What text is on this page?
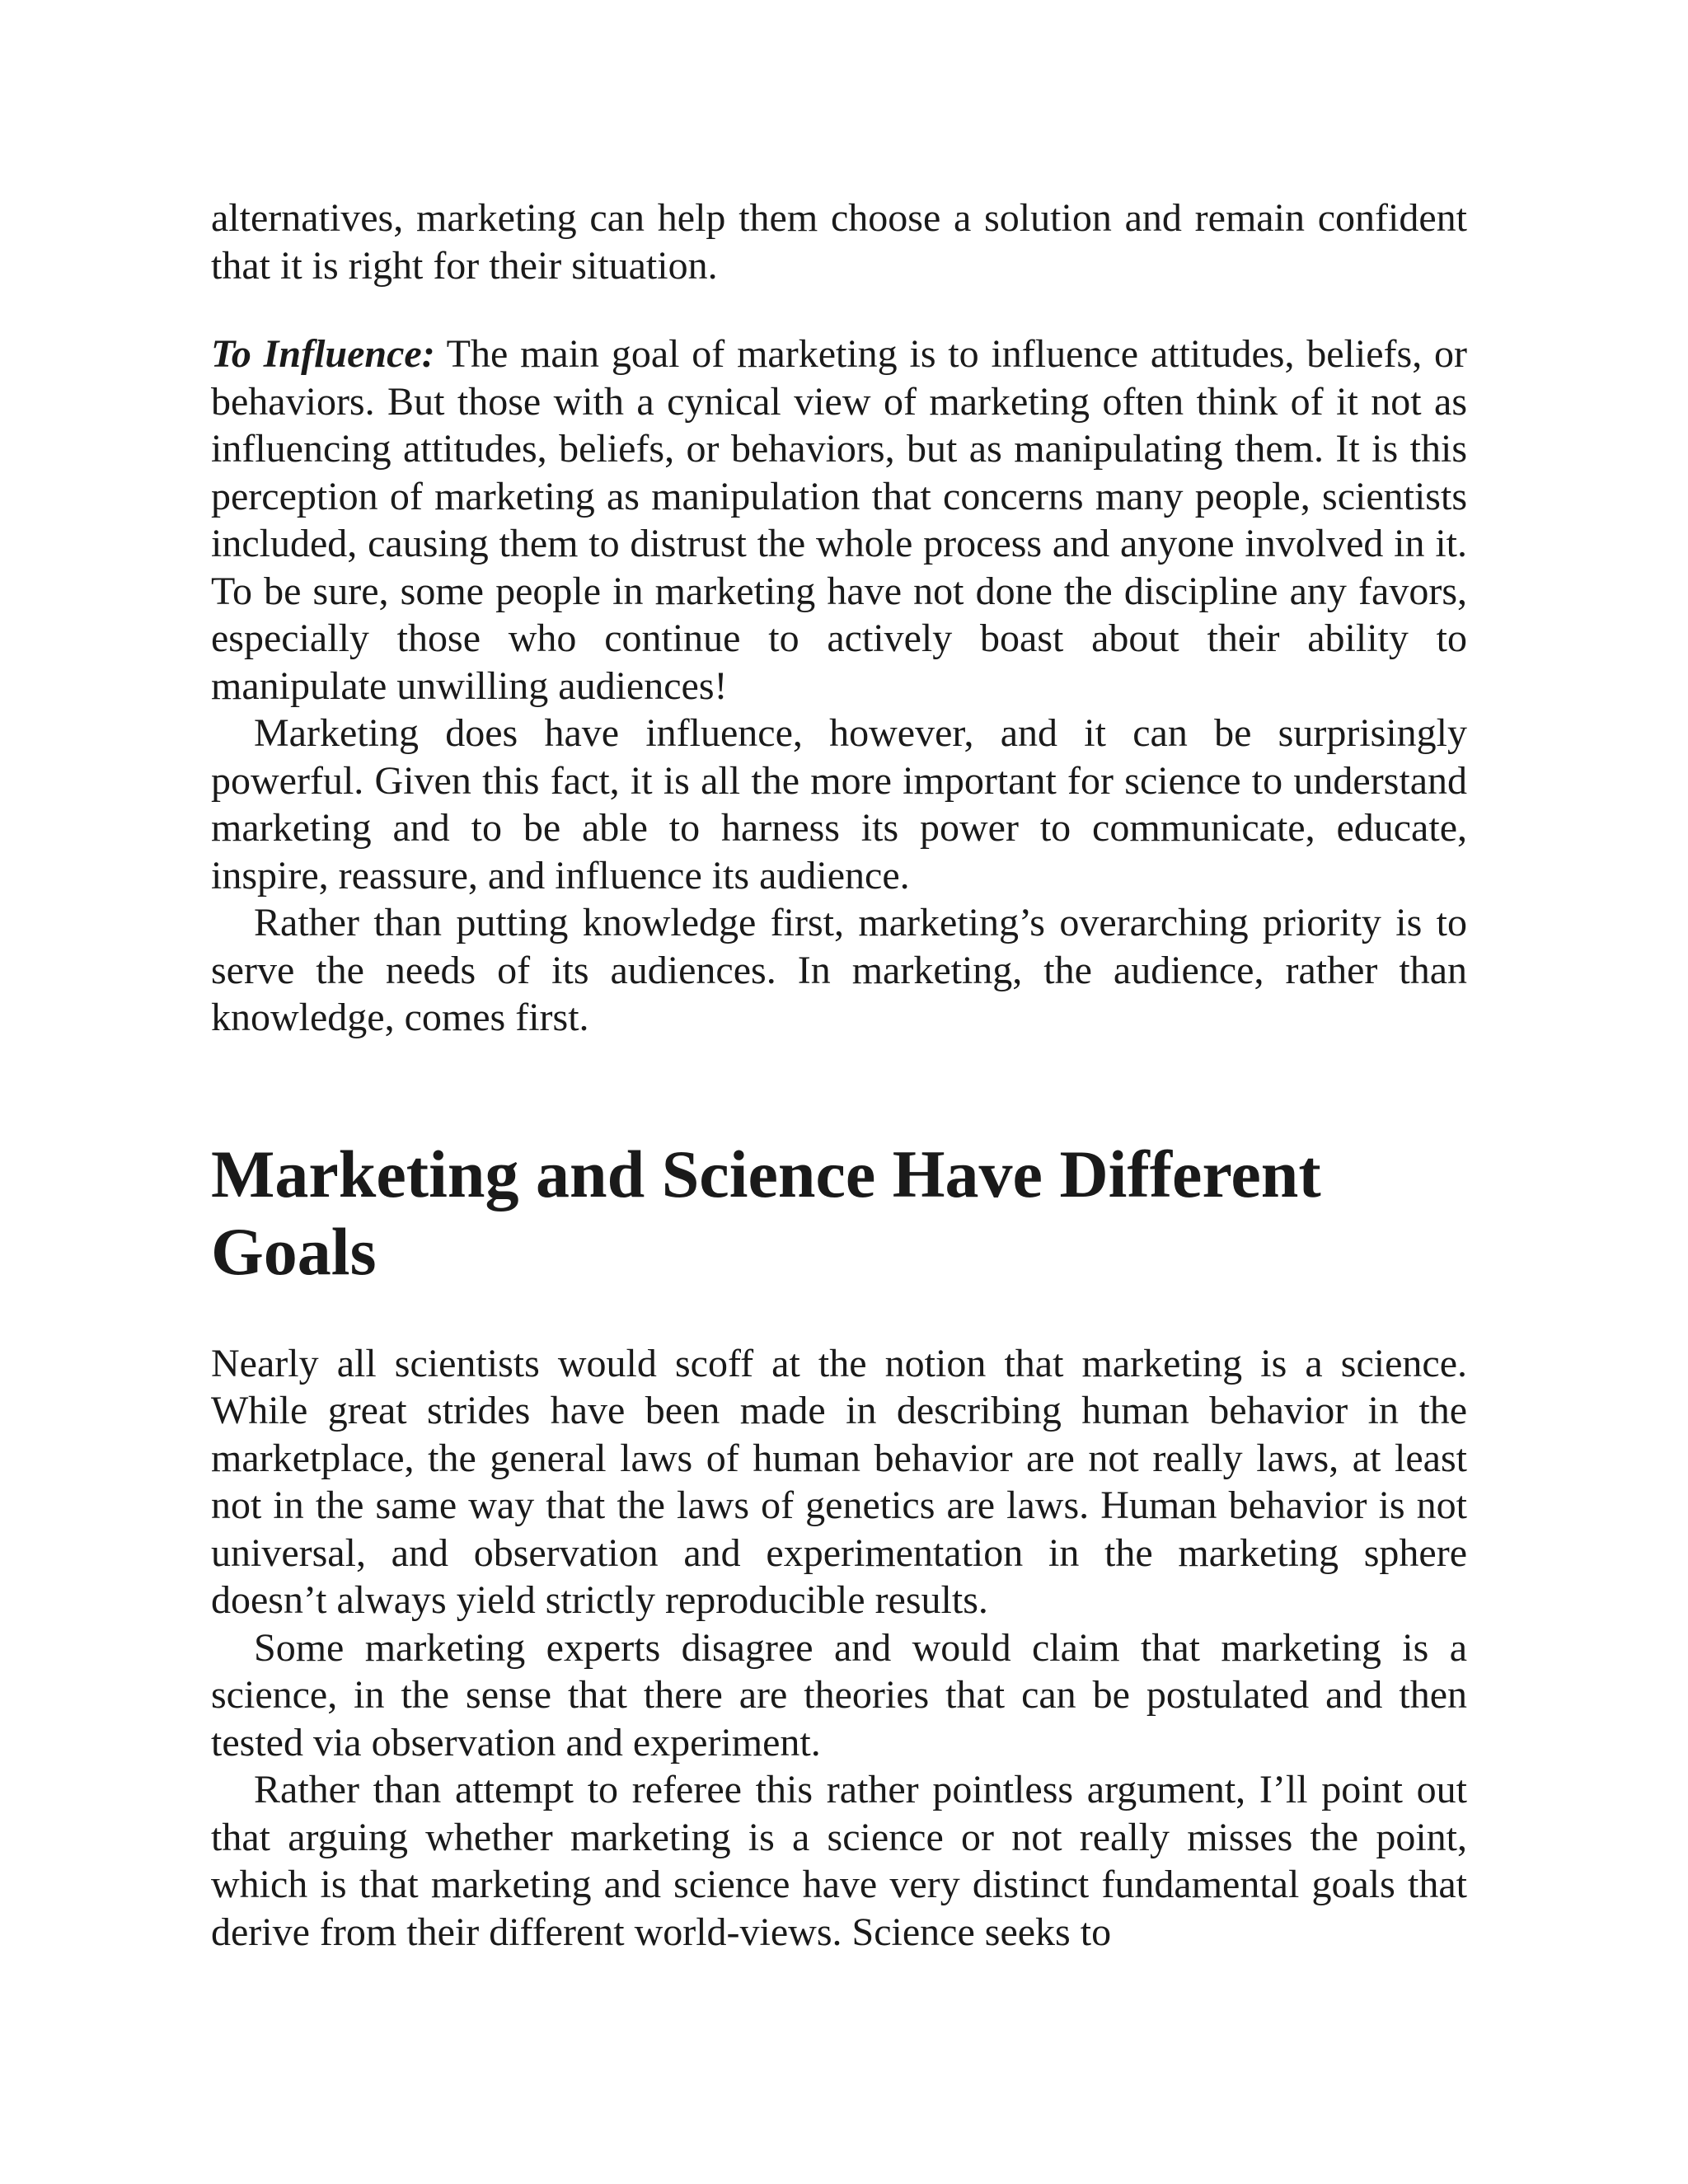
alternatives, marketing can help them choose a solution and remain confident that it is right for their situation.

To Influence: The main goal of marketing is to influence attitudes, beliefs, or behaviors. But those with a cynical view of marketing often think of it not as influencing attitudes, beliefs, or behaviors, but as manipulating them. It is this perception of marketing as manipulation that concerns many people, scientists included, causing them to distrust the whole process and anyone involved in it. To be sure, some people in marketing have not done the discipline any favors, especially those who continue to actively boast about their ability to manipulate unwilling audiences!

Marketing does have influence, however, and it can be surprisingly powerful. Given this fact, it is all the more important for science to understand marketing and to be able to harness its power to communicate, educate, inspire, reassure, and influence its audience.

Rather than putting knowledge first, marketing’s overarching priority is to serve the needs of its audiences. In marketing, the audience, rather than knowledge, comes first.

Marketing and Science Have Different Goals

Nearly all scientists would scoff at the notion that marketing is a science. While great strides have been made in describing human behavior in the marketplace, the general laws of human behavior are not really laws, at least not in the same way that the laws of genetics are laws. Human behavior is not universal, and observation and experimentation in the marketing sphere doesn’t always yield strictly reproducible results.

Some marketing experts disagree and would claim that marketing is a science, in the sense that there are theories that can be postulated and then tested via observation and experiment.

Rather than attempt to referee this rather pointless argument, I’ll point out that arguing whether marketing is a science or not really misses the point, which is that marketing and science have very distinct fundamental goals that derive from their different world-views. Science seeks to
